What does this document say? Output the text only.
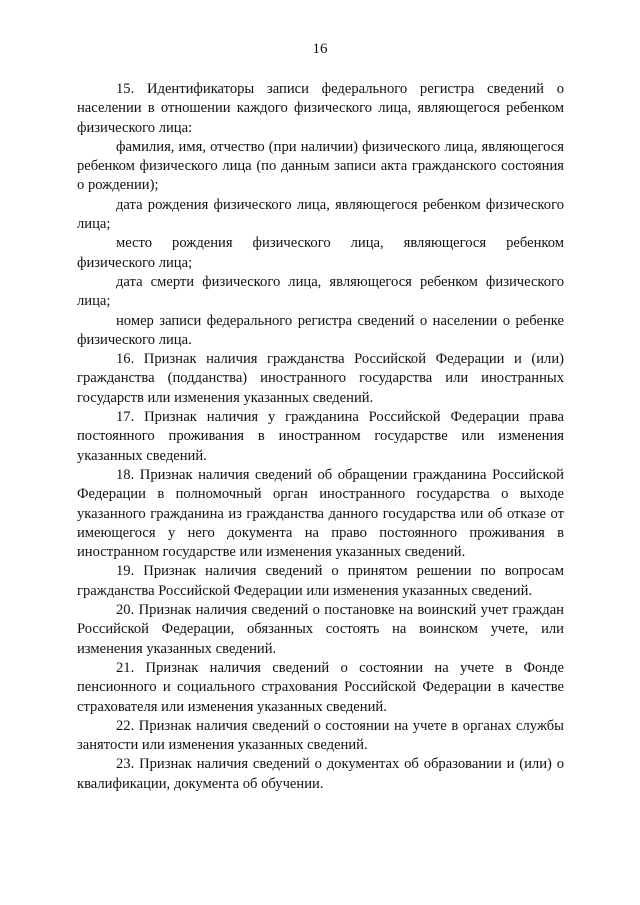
16

15. Идентификаторы записи федерального регистра сведений о населении в отношении каждого физического лица, являющегося ребенком физического лица:

фамилия, имя, отчество (при наличии) физического лица, являющегося ребенком физического лица (по данным записи акта гражданского состояния о рождении);

дата рождения физического лица, являющегося ребенком физического лица;

место рождения физического лица, являющегося ребенком физического лица;

дата смерти физического лица, являющегося ребенком физического лица;

номер записи федерального регистра сведений о населении о ребенке физического лица.

16. Признак наличия гражданства Российской Федерации и (или) гражданства (подданства) иностранного государства или иностранных государств или изменения указанных сведений.

17. Признак наличия у гражданина Российской Федерации права постоянного проживания в иностранном государстве или изменения указанных сведений.

18. Признак наличия сведений об обращении гражданина Российской Федерации в полномочный орган иностранного государства о выходе указанного гражданина из гражданства данного государства или об отказе от имеющегося у него документа на право постоянного проживания в иностранном государстве или изменения указанных сведений.

19. Признак наличия сведений о принятом решении по вопросам гражданства Российской Федерации или изменения указанных сведений.

20. Признак наличия сведений о постановке на воинский учет граждан Российской Федерации, обязанных состоять на воинском учете, или изменения указанных сведений.

21. Признак наличия сведений о состоянии на учете в Фонде пенсионного и социального страхования Российской Федерации в качестве страхователя или изменения указанных сведений.

22. Признак наличия сведений о состоянии на учете в органах службы занятости или изменения указанных сведений.

23. Признак наличия сведений о документах об образовании и (или) о квалификации, документа об обучении.
